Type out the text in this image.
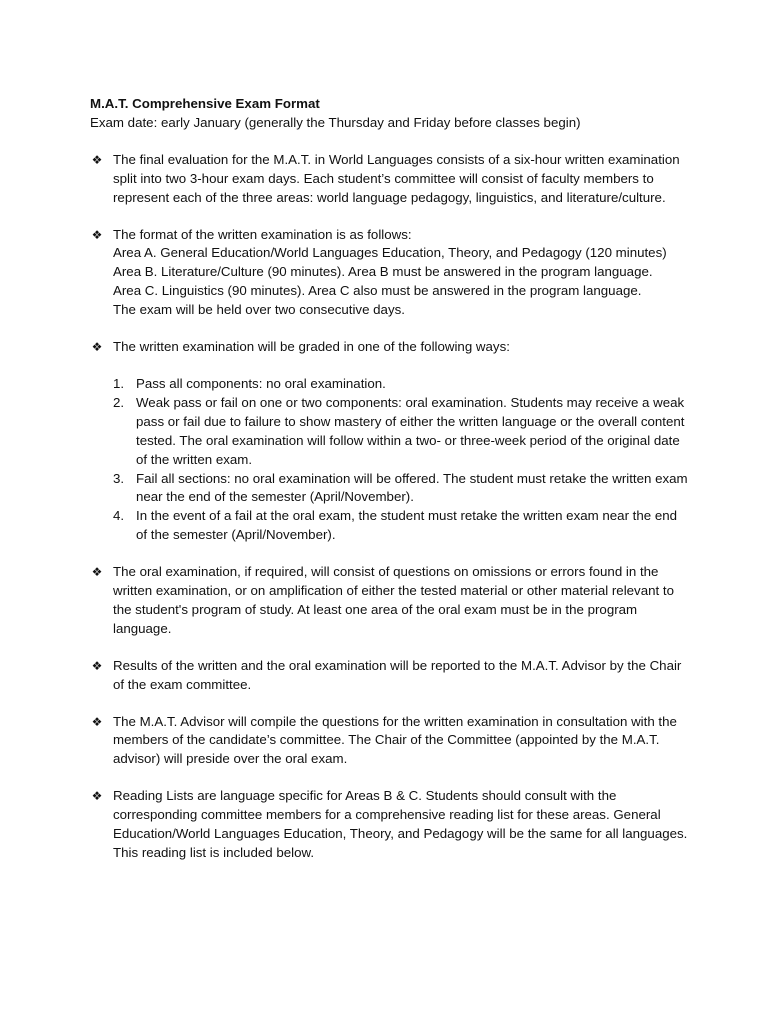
M.A.T. Comprehensive Exam Format

Exam date: early January (generally the Thursday and Friday before classes begin)

❖ The final evaluation for the M.A.T. in World Languages consists of a six-hour written examination split into two 3-hour exam days. Each student’s committee will consist of faculty members to represent each of the three areas: world language pedagogy, linguistics, and literature/culture.

❖ The format of the written examination is as follows:
Area A. General Education/World Languages Education, Theory, and Pedagogy (120 minutes)
Area B. Literature/Culture (90 minutes). Area B must be answered in the program language.
Area C. Linguistics (90 minutes). Area C also must be answered in the program language.
The exam will be held over two consecutive days.
❖ The written examination will be graded in one of the following ways:

1. Pass all components: no oral examination.
2. Weak pass or fail on one or two components: oral examination. Students may receive a weak pass or fail due to failure to show mastery of either the written language or the overall content tested. The oral examination will follow within a two- or three-week period of the original date of the written exam.
3. Fail all sections: no oral examination will be offered. The student must retake the written exam near the end of the semester (April/November).
4. In the event of a fail at the oral exam, the student must retake the written exam near the end of the semester (April/November).
❖ The oral examination, if required, will consist of questions on omissions or errors found in the written examination, or on amplification of either the tested material or other material relevant to the student's program of study. At least one area of the oral exam must be in the program language.

❖ Results of the written and the oral examination will be reported to the M.A.T. Advisor by the Chair of the exam committee.

❖ The M.A.T. Advisor will compile the questions for the written examination in consultation with the members of the candidate’s committee. The Chair of the Committee (appointed by the M.A.T. advisor) will preside over the oral exam.

❖ Reading Lists are language specific for Areas B & C. Students should consult with the corresponding committee members for a comprehensive reading list for these areas. General Education/World Languages Education, Theory, and Pedagogy will be the same for all languages. This reading list is included below.
